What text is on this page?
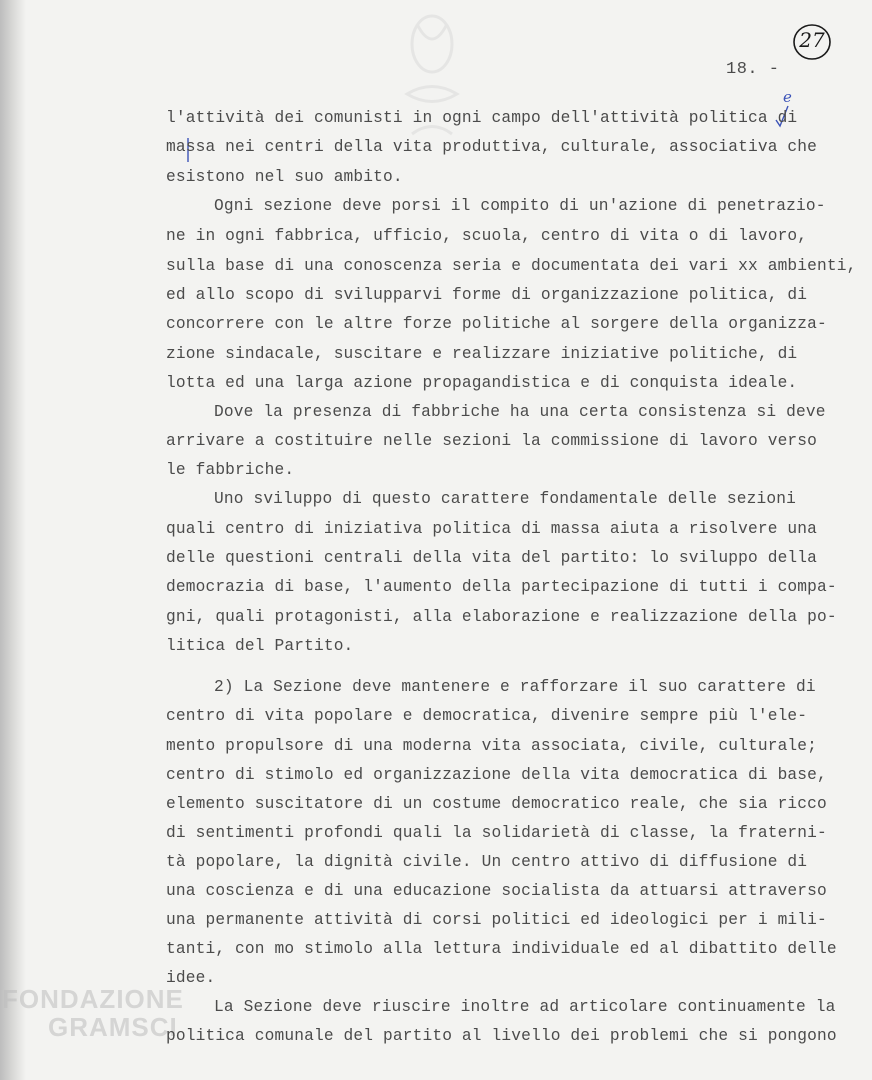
FONDAZIONE
GRAMSCI
27
18. -
e
l'attività dei comunisti in ogni campo dell'attività politica di
massa nei centri della vita produttiva, culturale, associativa che
esistono nel suo ambito.
Ogni sezione deve porsi il compito di un'azione di penetrazio-
ne in ogni fabbrica, ufficio, scuola, centro di vita o di lavoro,
sulla base di una conoscenza seria e documentata dei vari xx ambienti,
ed allo scopo di svilupparvi forme di organizzazione politica, di
concorrere con le altre forze politiche al sorgere della organizza-
zione sindacale, suscitare e realizzare iniziative politiche, di
lotta ed una larga azione propagandistica e di conquista ideale.
Dove la presenza di fabbriche ha una certa consistenza si deve
arrivare a costituire nelle sezioni la commissione di lavoro verso
le fabbriche.
Uno sviluppo di questo carattere fondamentale delle sezioni
quali centro di iniziativa politica di massa aiuta a risolvere una
delle questioni centrali della vita del partito: lo sviluppo della
democrazia di base, l'aumento della partecipazione di tutti i compa-
gni, quali protagonisti, alla elaborazione e realizzazione della po-
litica del Partito.
2) La Sezione deve mantenere e rafforzare il suo carattere di
centro di vita popolare e democratica, divenire sempre più l'ele-
mento propulsore di una moderna vita associata, civile, culturale;
centro di stimolo ed organizzazione della vita democratica di base,
elemento suscitatore di un costume democratico reale, che sia ricco
di sentimenti profondi quali la solidarietà di classe, la fraterni-
tà popolare, la dignità civile. Un centro attivo di diffusione di
una coscienza e di una educazione socialista da attuarsi attraverso
una permanente attività di corsi politici ed ideologici per i mili-
tanti, con mo stimolo alla lettura individuale ed al dibattito delle
idee.
La Sezione deve riuscire inoltre ad articolare continuamente la
politica comunale del partito al livello dei problemi che si pongono
